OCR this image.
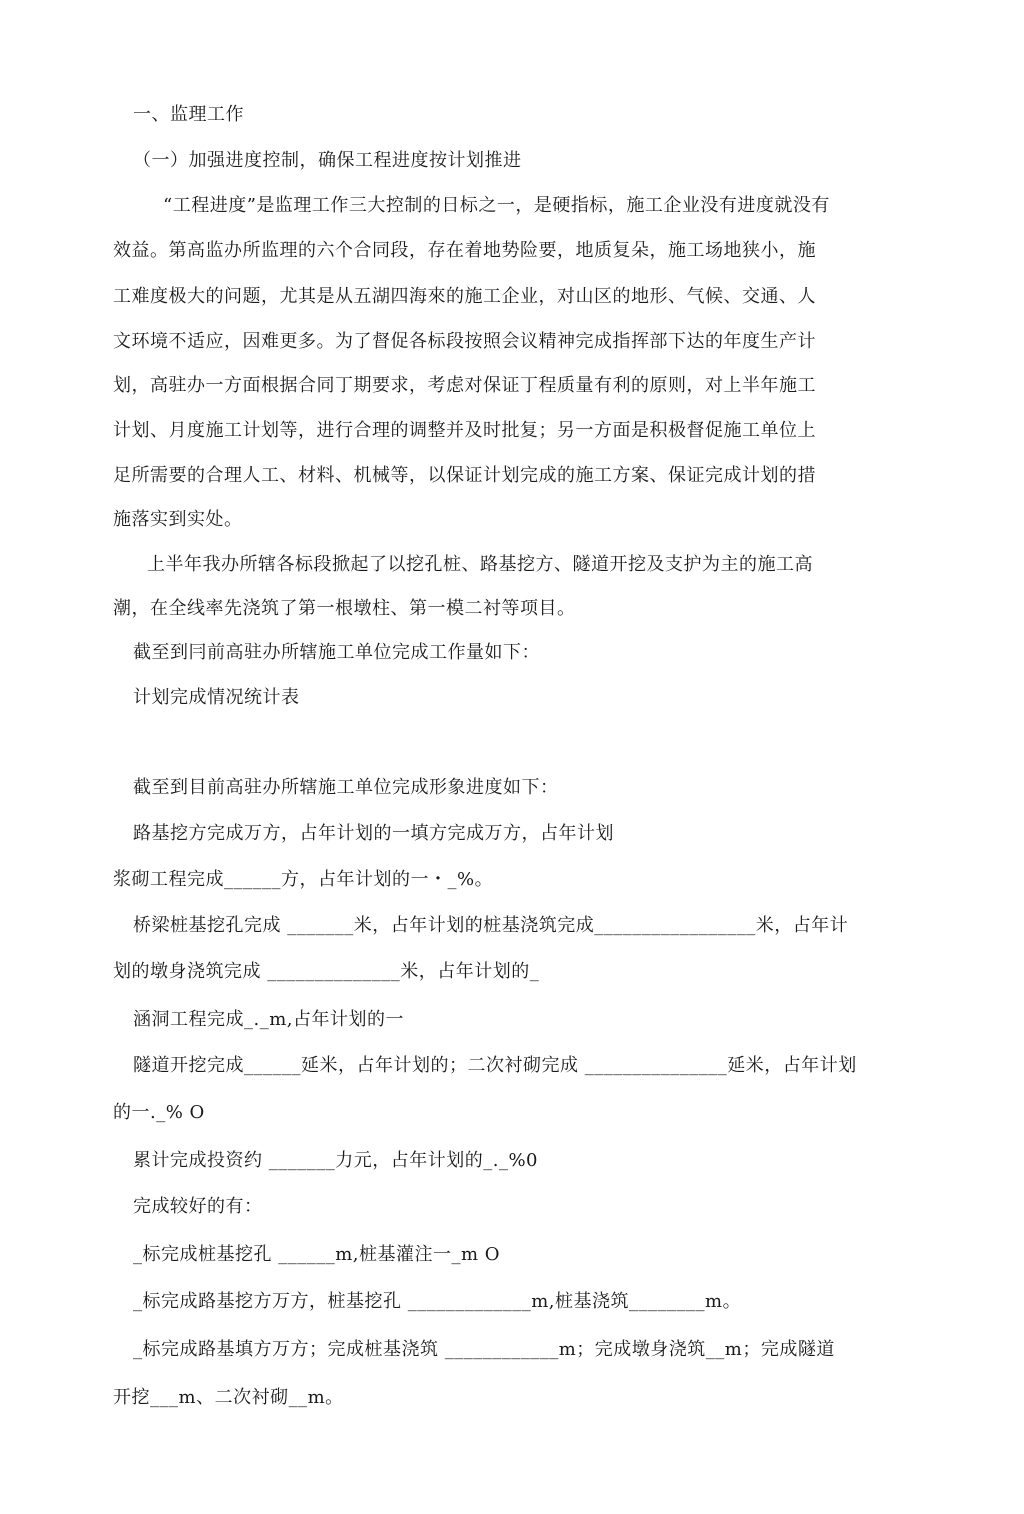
一、监理工作
（一）加强进度控制，确保工程进度按计划推进
“工程进度”是监理工作三大控制的日标之一，是硬指标，施工企业没有进度就没有
效益。第高监办所监理的六个合同段，存在着地势险要，地质复朵，施工场地狭小，施
工难度极大的问题，尤其是从五湖四海來的施工企业，对山区的地形、气候、交通、人
文环境不适应，因难更多。为了督促各标段按照会议精神完成指挥部下达的年度生产计
划，高驻办一方面根据合同丁期要求，考虑对保证丁程质量有利的原则，对上半年施工
计划、月度施工计划等，进行合理的调整并及时批复；另一方面是积极督促施工单位上
足所需要的合理人工、材料、机械等，以保证计划完成的施工方案、保证完成计划的措
施落实到实处。
上半年我办所辖各标段掀起了以挖孔桩、路基挖方、隧道开挖及支护为主的施工高
潮，在全线率先浇筑了第一根墩柱、第一模二衬等项目。
截至到冃前高驻办所辖施工单位完成工作量如下：
计划完成情况统计表
截至到目前高驻办所辖施工单位完成形象进度如下：
路基挖方完成万方，占年计划的一填方完成万方，占年计划
浆砌工程完成______方，占年计划的一・_%。
桥梁桩基挖孔完成 _______米，占年计划的桩基浇筑完成_________________米，占年计
划的墩身浇筑完成 ______________米，占年计划的_
涵洞工程完成_._m,占年计划的一
隧道开挖完成______延米，占年计划的；二次衬砌完成 _______________延米，占年计划
的一._% O
累计完成投资约 _______力元，占年计划的_._%0
完成较好的有：
_标完成桩基挖孔 ______m,桩基灌注一_m O
_标完成路基挖方万方，桩基挖孔 _____________m,桩基浇筑________m。
_标完成路基填方万方；完成桩基浇筑 ____________m；完成墩身浇筑__m；完成隧道
开挖___m、二次衬砌__m。
